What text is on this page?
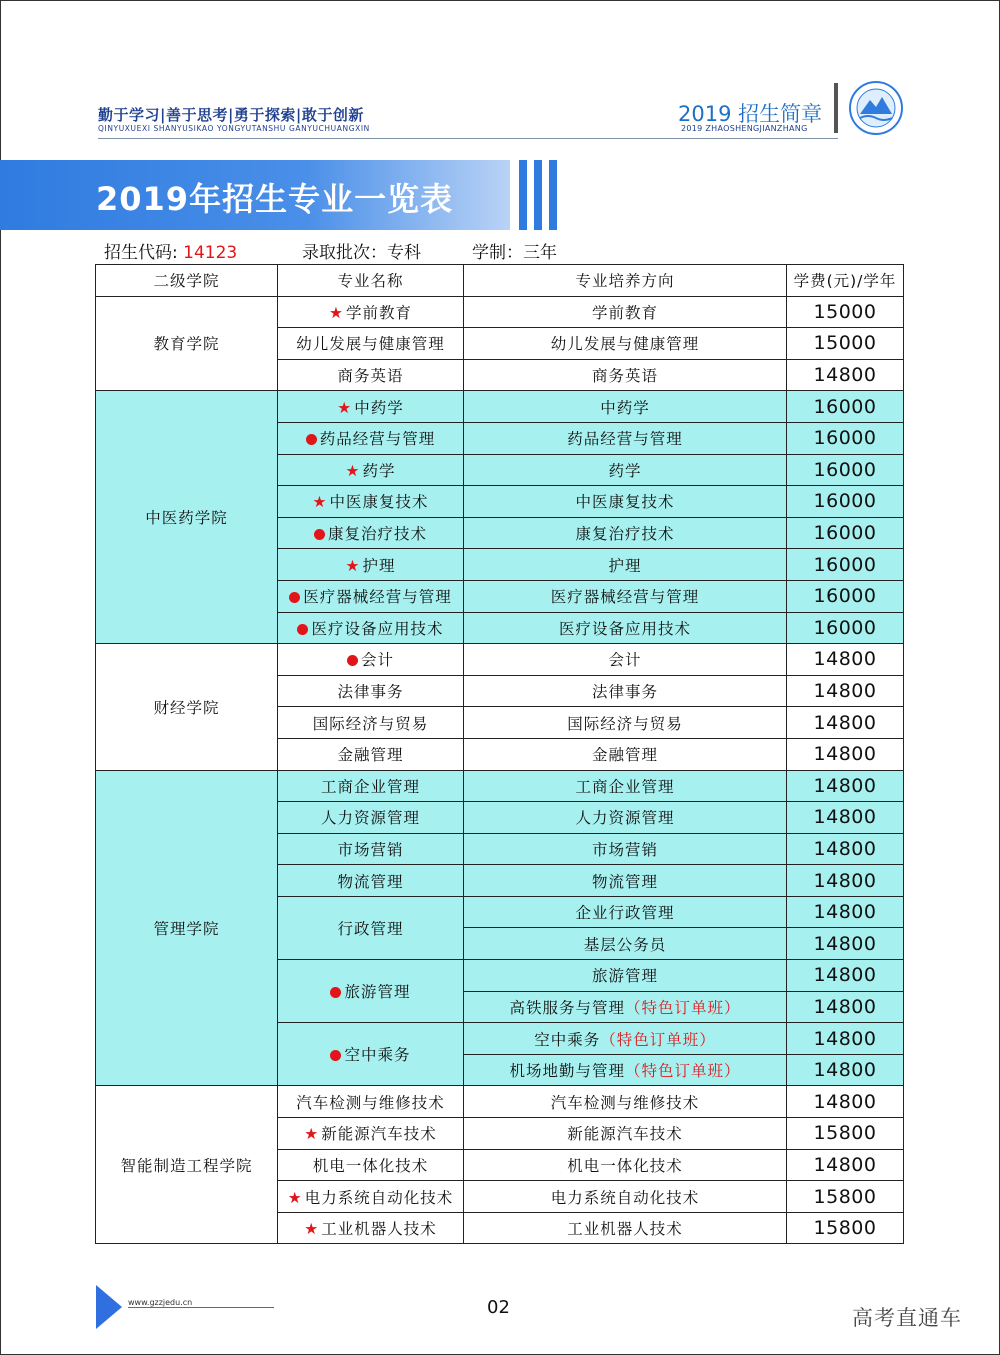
勤于学习|善于思考|勇于探索|敢于创新
QINYUXUEXI SHANYUSIKAO YONGYUTANSHU GANYUCHUANGXIN
2019 招生简章
2019 ZHAOSHENGJIANZHANG
2019年招生专业一览表
招生代码: 14123	录取批次：专科	学制：三年
二级学院	专业名称	专业培养方向	学费(元)/学年
教育学院	★ 学前教育	学前教育	15000
	幼儿发展与健康管理	幼儿发展与健康管理	15000
	商务英语	商务英语	14800
中医药学院	★ 中药学	中药学	16000
	药品经营与管理	药品经营与管理	16000
	★ 药学	药学	16000
	★ 中医康复技术	中医康复技术	16000
	康复治疗技术	康复治疗技术	16000
	★ 护理	护理	16000
	医疗器械经营与管理	医疗器械经营与管理	16000
	医疗设备应用技术	医疗设备应用技术	16000
财经学院	会计	会计	14800
	法律事务	法律事务	14800
	国际经济与贸易	国际经济与贸易	14800
	金融管理	金融管理	14800
管理学院	工商企业管理	工商企业管理	14800
	人力资源管理	人力资源管理	14800
	市场营销	市场营销	14800
	物流管理	物流管理	14800
	行政管理	企业行政管理	14800
		基层公务员	14800
	旅游管理	旅游管理	14800
		高铁服务与管理（特色订单班）	14800
	空中乘务	空中乘务（特色订单班）	14800
		机场地勤与管理（特色订单班）	14800
智能制造工程学院	汽车检测与维修技术	汽车检测与维修技术	14800
	★ 新能源汽车技术	新能源汽车技术	15800
	机电一体化技术	机电一体化技术	14800
	★ 电力系统自动化技术	电力系统自动化技术	15800
	★ 工业机器人技术	工业机器人技术	15800
www.gzzjedu.cn	02	高考直通车
